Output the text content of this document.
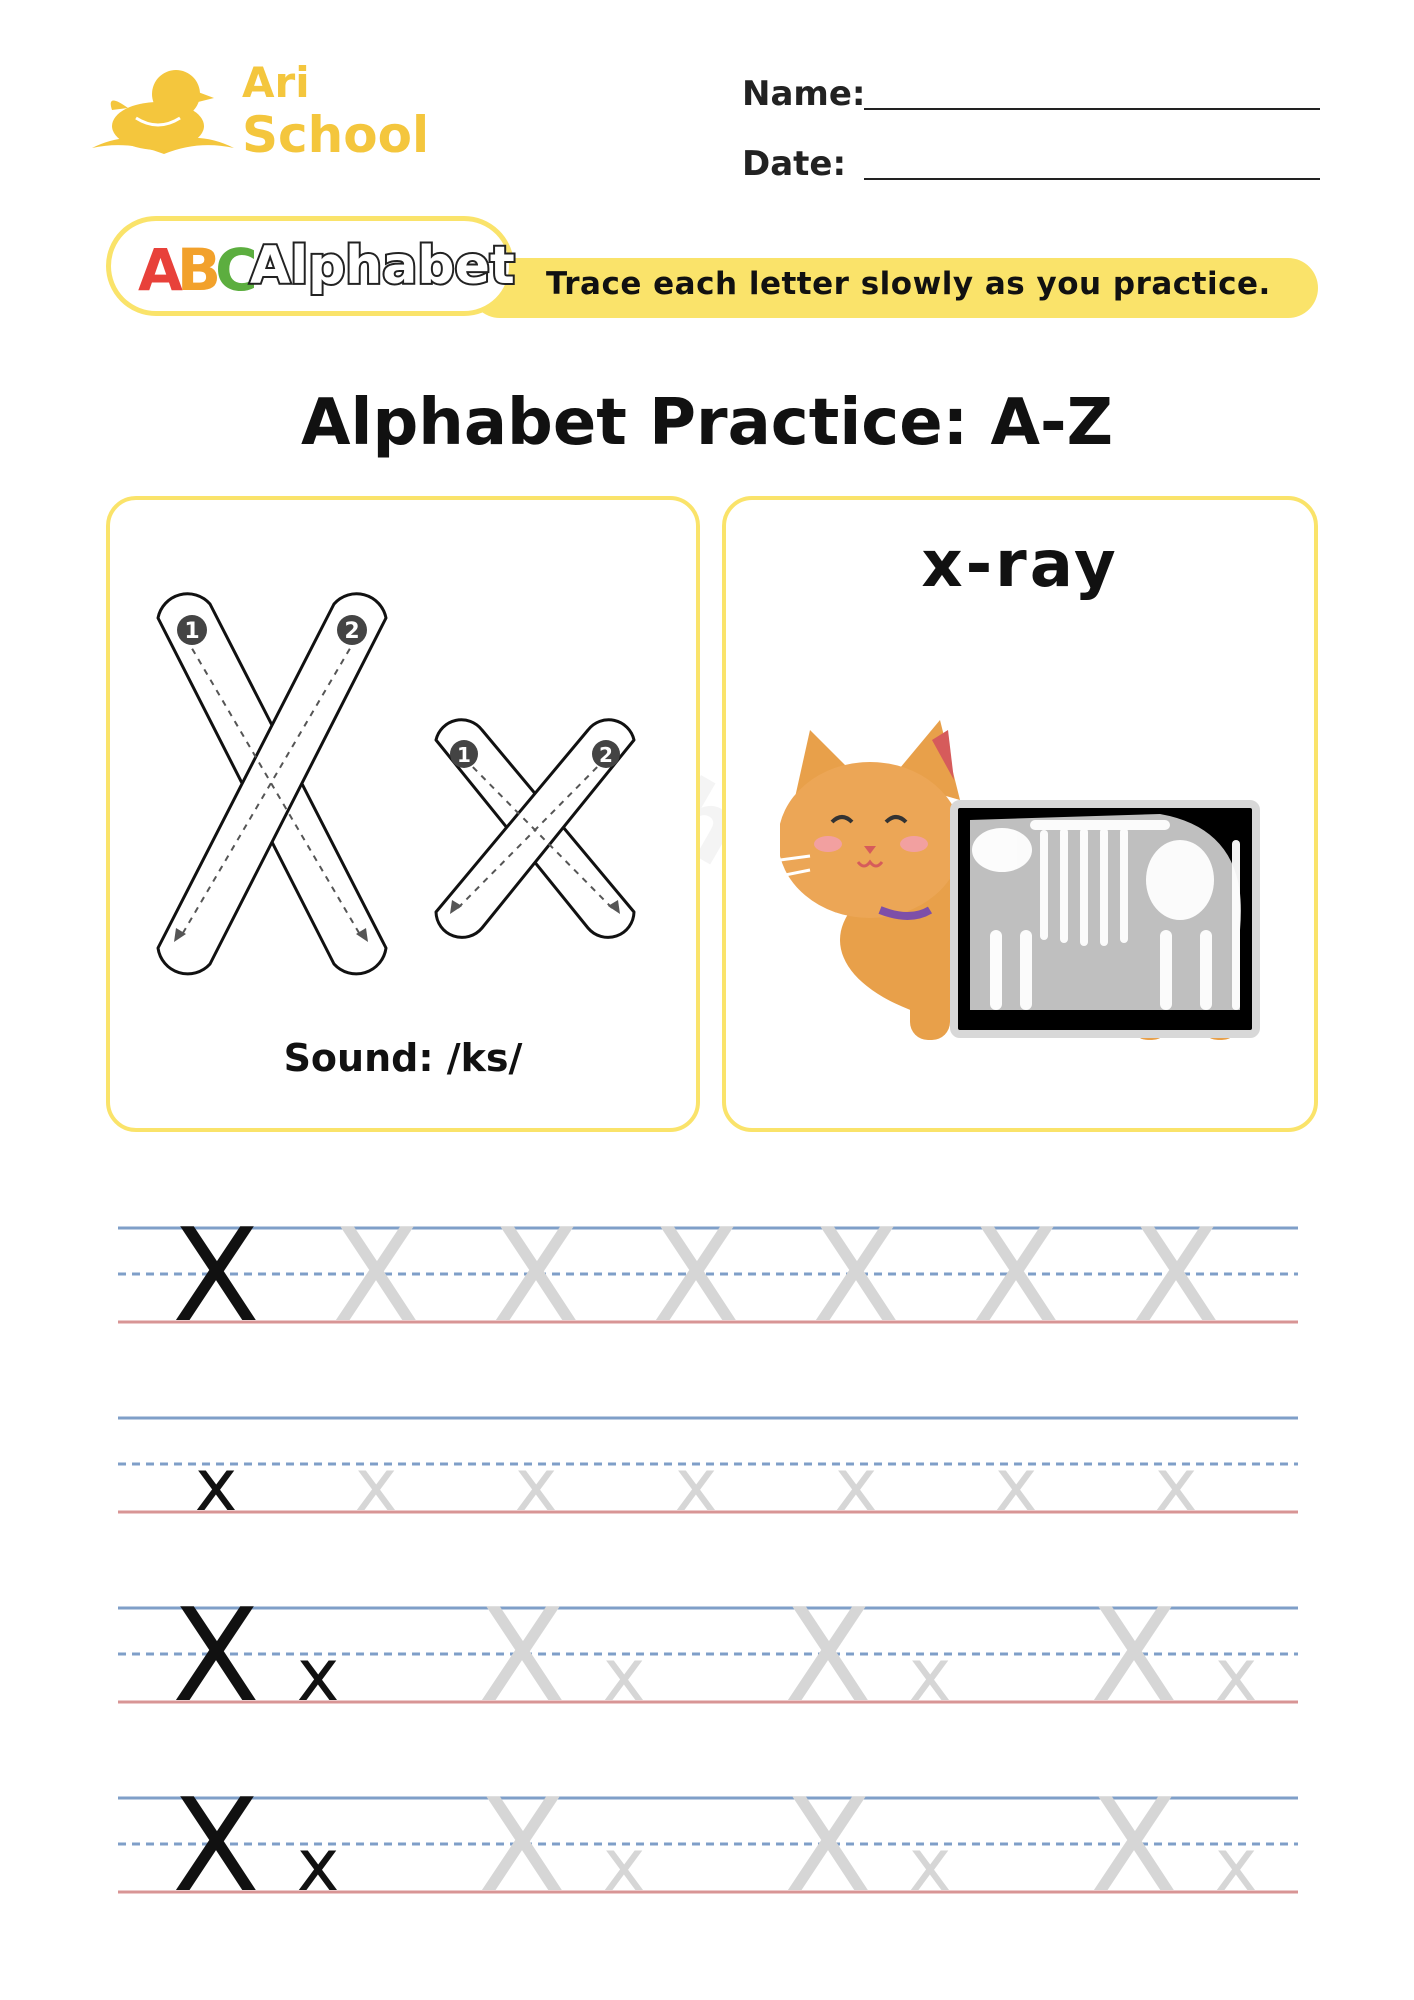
Ari
School
Name:
Date:
Trace each letter slowly as you practice.
ABC
Alphabet
Alphabet Practice: A-Z
1	2
1	2
Sound: /ks/
x-ray
X X X X X X X
x x x x x x x
X x X x X x X x
X x X x X x X x
